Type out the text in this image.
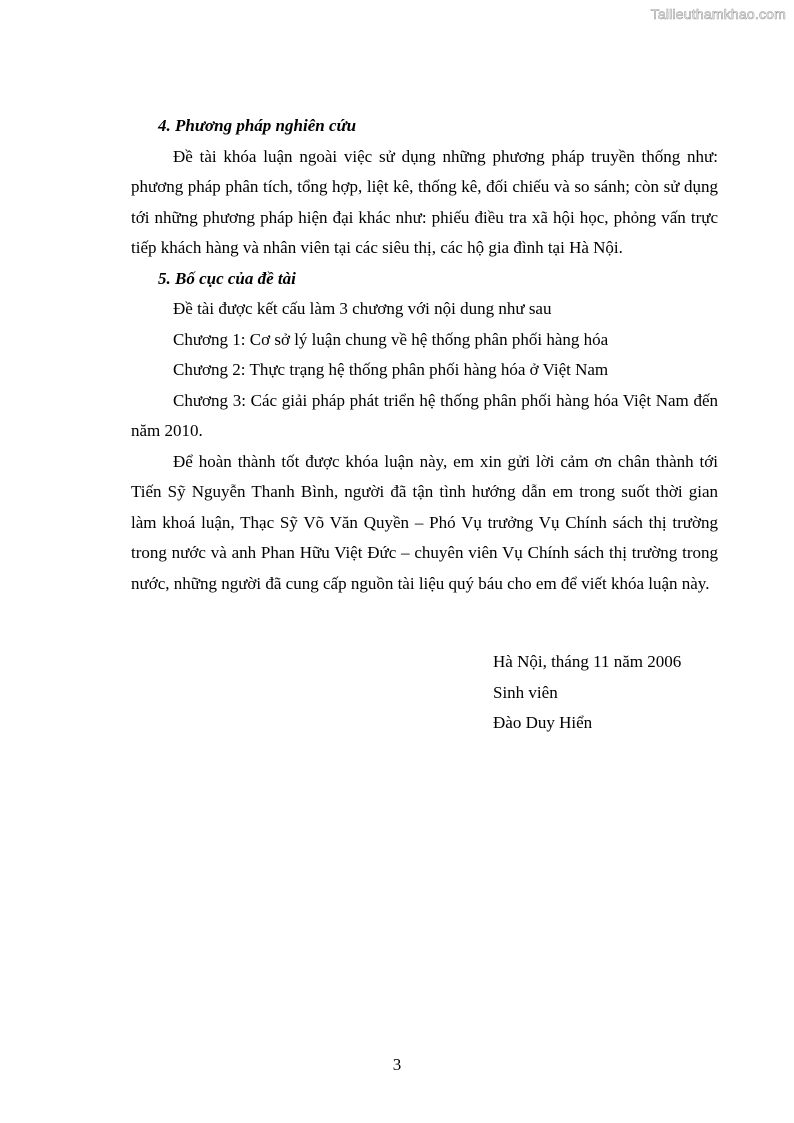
Tailieuthamkhao.com

4. Phương pháp nghiên cứu

Đề tài khóa luận ngoài việc sử dụng những phương pháp truyền thống như: phương pháp phân tích, tổng hợp, liệt kê, thống kê, đối chiếu và so sánh; còn sử dụng tới những phương pháp hiện đại khác như: phiếu điều tra xã hội học, phỏng vấn trực tiếp khách hàng và nhân viên tại các siêu thị, các hộ gia đình tại Hà Nội.

5. Bố cục của đề tài

Đề tài được kết cấu làm 3 chương với nội dung như sau

Chương 1: Cơ sở lý luận chung về hệ thống phân phối hàng hóa

Chương 2: Thực trạng hệ thống phân phối hàng hóa ở Việt Nam

Chương 3: Các giải pháp phát triển hệ thống phân phối hàng hóa Việt Nam đến năm 2010.

Để hoàn thành tốt được khóa luận này, em xin gửi lời cảm ơn chân thành tới Tiến Sỹ Nguyễn Thanh Bình, người đã tận tình hướng dẫn em trong suốt thời gian làm khoá luận, Thạc Sỹ Võ Văn Quyền – Phó Vụ trưởng Vụ Chính sách thị trường trong nước và anh Phan Hữu Việt Đức – chuyên viên Vụ Chính sách thị trường trong nước, những người đã cung cấp nguồn tài liệu quý báu cho em để viết khóa luận này.

Hà Nội, tháng 11 năm 2006
Sinh viên
Đào Duy Hiển
3
